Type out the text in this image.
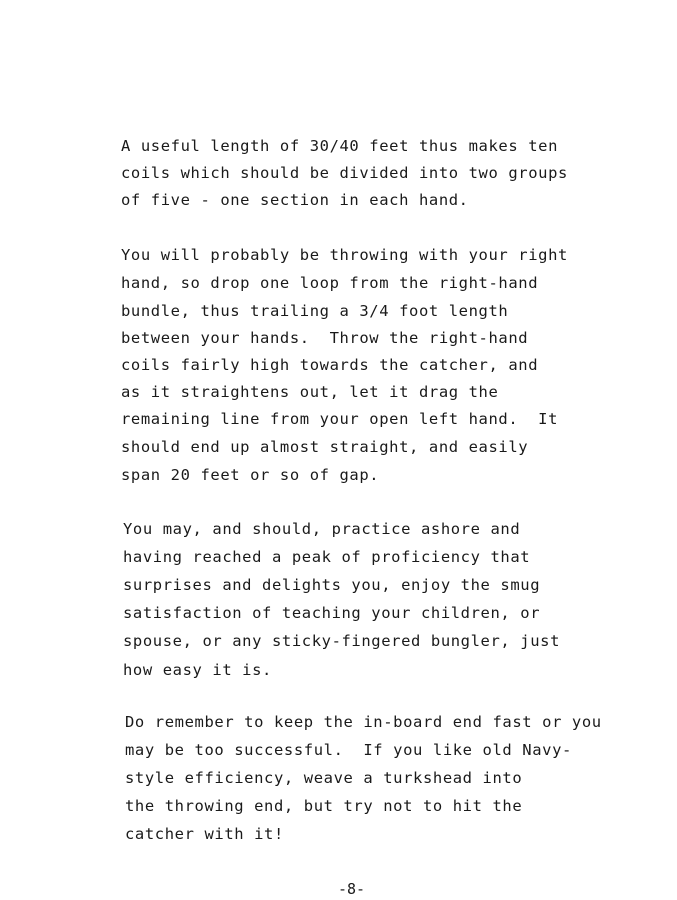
A useful length of 30/40 feet thus makes ten
coils which should be divided into two groups
of five - one section in each hand.
You will probably be throwing with your right
hand, so drop one loop from the right-hand
bundle, thus trailing a 3/4 foot length
between your hands.  Throw the right-hand
coils fairly high towards the catcher, and
as it straightens out, let it drag the
remaining line from your open left hand.  It
should end up almost straight, and easily
span 20 feet or so of gap.
You may, and should, practice ashore and
having reached a peak of proficiency that
surprises and delights you, enjoy the smug
satisfaction of teaching your children, or
spouse, or any sticky-fingered bungler, just
how easy it is.
Do remember to keep the in-board end fast or you
may be too successful.  If you like old Navy-
style efficiency, weave a turkshead into
the throwing end, but try not to hit the
catcher with it!
-8-
